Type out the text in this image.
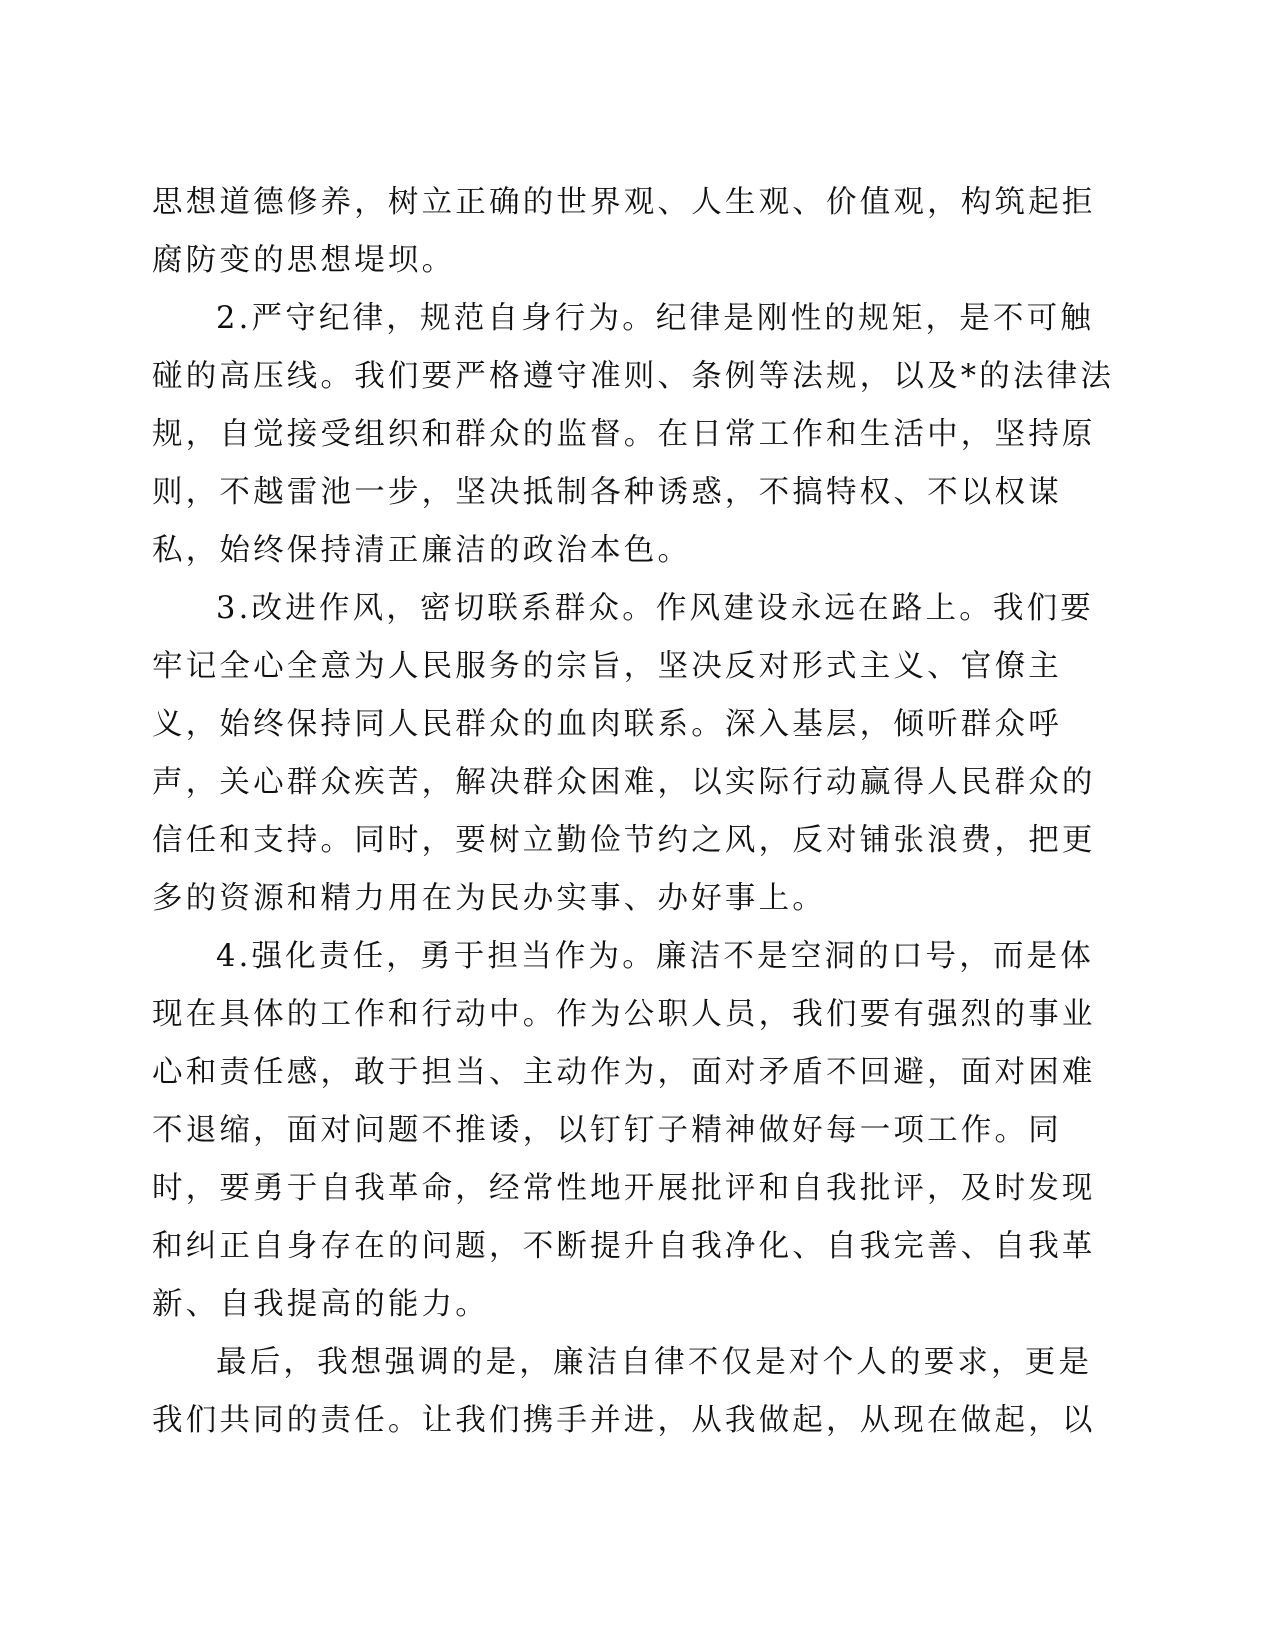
思想道德修养，树立正确的世界观、人生观、价值观，构筑起拒
腐防变的思想堤坝。
2.严守纪律，规范自身行为。纪律是刚性的规矩，是不可触
碰的高压线。我们要严格遵守准则、条例等法规，以及*的法律法
规，自觉接受组织和群众的监督。在日常工作和生活中，坚持原
则，不越雷池一步，坚决抵制各种诱惑，不搞特权、不以权谋
私，始终保持清正廉洁的政治本色。
3.改进作风，密切联系群众。作风建设永远在路上。我们要
牢记全心全意为人民服务的宗旨，坚决反对形式主义、官僚主
义，始终保持同人民群众的血肉联系。深入基层，倾听群众呼
声，关心群众疾苦，解决群众困难，以实际行动赢得人民群众的
信任和支持。同时，要树立勤俭节约之风，反对铺张浪费，把更
多的资源和精力用在为民办实事、办好事上。
4.强化责任，勇于担当作为。廉洁不是空洞的口号，而是体
现在具体的工作和行动中。作为公职人员，我们要有强烈的事业
心和责任感，敢于担当、主动作为，面对矛盾不回避，面对困难
不退缩，面对问题不推诿，以钉钉子精神做好每一项工作。同
时，要勇于自我革命，经常性地开展批评和自我批评，及时发现
和纠正自身存在的问题，不断提升自我净化、自我完善、自我革
新、自我提高的能力。
最后，我想强调的是，廉洁自律不仅是对个人的要求，更是
我们共同的责任。让我们携手并进，从我做起，从现在做起，以
